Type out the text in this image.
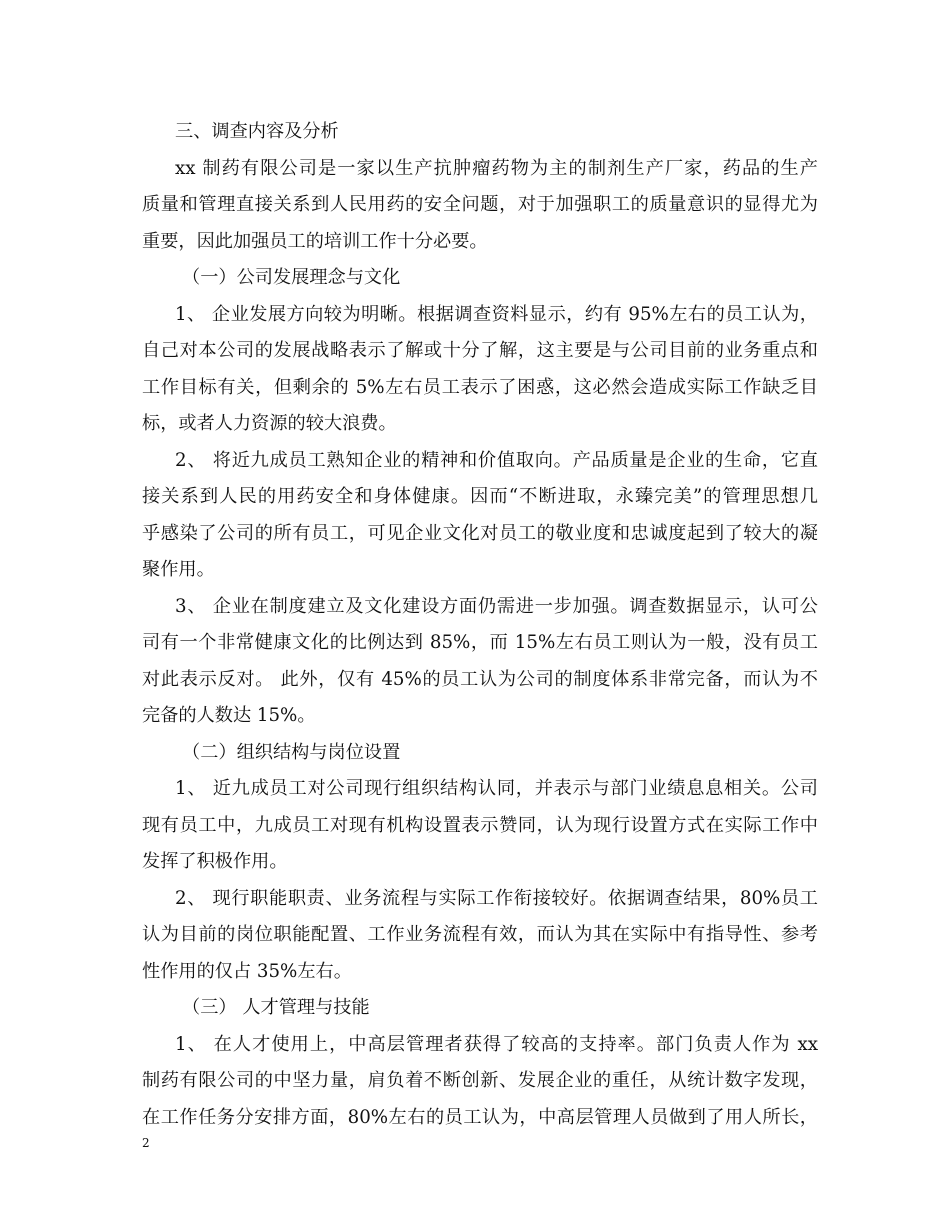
三、调查内容及分析
xx 制药有限公司是一家以生产抗肿瘤药物为主的制剂生产厂家，药品的生产
质量和管理直接关系到人民用药的安全问题，对于加强职工的质量意识的显得尤为
重要，因此加强员工的培训工作十分必要。
（一）公司发展理念与文化
1、 企业发展方向较为明晰。根据调查资料显示，约有 95%左右的员工认为，
自己对本公司的发展战略表示了解或十分了解，这主要是与公司目前的业务重点和
工作目标有关，但剩余的 5%左右员工表示了困惑，这必然会造成实际工作缺乏目
标，或者人力资源的较大浪费。
2、 将近九成员工熟知企业的精神和价值取向。产品质量是企业的生命，它直
接关系到人民的用药安全和身体健康。因而“不断进取，永臻完美”的管理思想几
乎感染了公司的所有员工，可见企业文化对员工的敬业度和忠诚度起到了较大的凝
聚作用。
3、 企业在制度建立及文化建设方面仍需进一步加强。调查数据显示，认可公
司有一个非常健康文化的比例达到 85%，而 15%左右员工则认为一般，没有员工
对此表示反对。 此外，仅有 45%的员工认为公司的制度体系非常完备，而认为不
完备的人数达 15%。
（二）组织结构与岗位设置
1、 近九成员工对公司现行组织结构认同，并表示与部门业绩息息相关。公司
现有员工中，九成员工对现有机构设置表示赞同，认为现行设置方式在实际工作中
发挥了积极作用。
2、 现行职能职责、业务流程与实际工作衔接较好。依据调查结果，80%员工
认为目前的岗位职能配置、工作业务流程有效，而认为其在实际中有指导性、参考
性作用的仅占 35%左右。
（三） 人才管理与技能
1、 在人才使用上，中高层管理者获得了较高的支持率。部门负责人作为 xx
制药有限公司的中坚力量，肩负着不断创新、发展企业的重任，从统计数字发现，
在工作任务分安排方面，80%左右的员工认为，中高层管理人员做到了用人所长，
2
